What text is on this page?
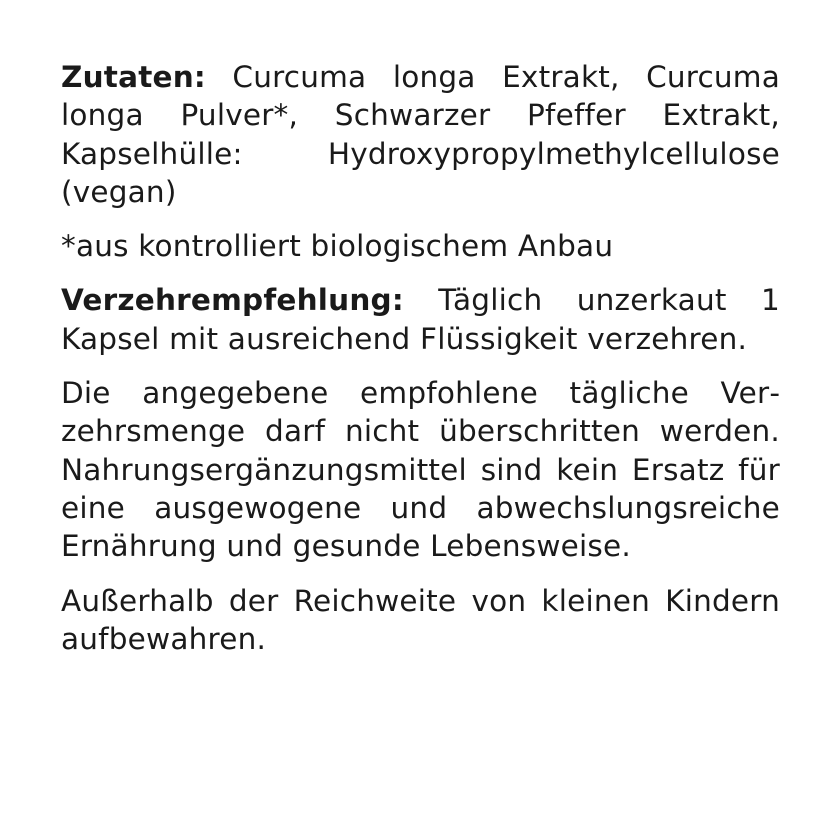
Zutaten: Curcuma longa Extrakt, Curcuma longa Pulver*, Schwarzer Pfeffer Extrakt, Kapselhülle: Hydroxypropylmethylcellulose (vegan)

*aus kontrolliert biologischem Anbau

Verzehrempfehlung: Täglich unzerkaut 1 Kapsel mit ausreichend Flüssigkeit verzehren.

Die angegebene empfohlene tägliche Verzehrsmenge darf nicht überschritten werden. Nahrungsergänzungsmittel sind kein Ersatz für eine ausgewogene und abwechslungsreiche Ernährung und gesunde Lebensweise.

Außerhalb der Reichweite von kleinen Kindern aufbewahren.
